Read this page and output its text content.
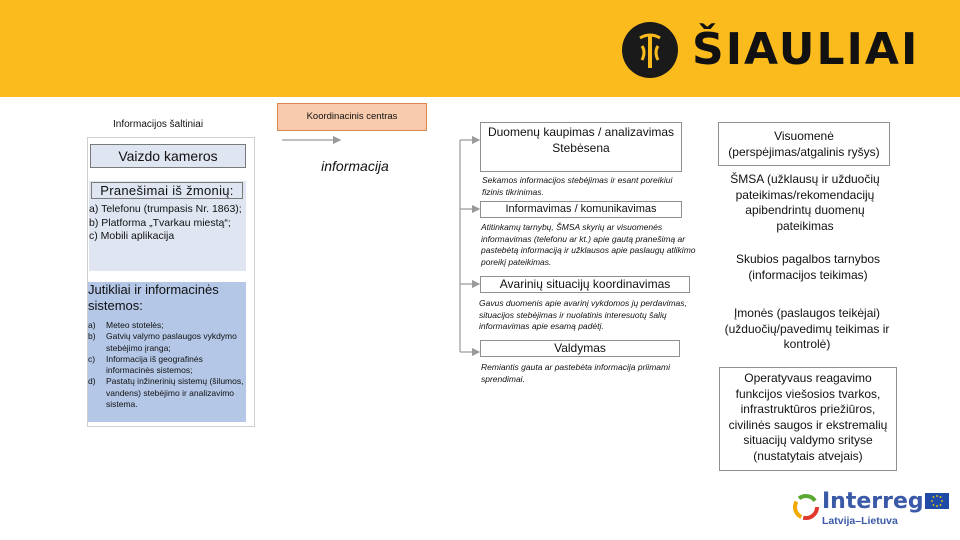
ŠIAULIAI
Informacijos šaltiniai
Vaizdo kameros
Pranešimai iš žmonių:
a) Telefonu (trumpasis Nr. 1863);
b) Platforma „Tvarkau miestą“;
c) Mobili aplikacija
Jutikliai ir informacinės sistemos:
a) Meteo stotelės;
b) Gatvių valymo paslaugos vykdymo stebėjimo įranga;
c) Informacija iš geografinės informacinės sistemos;
d) Pastatų inžinerinių sistemų (šilumos, vandens) stebėjimo ir analizavimo sistema.
Koordinacinis centras
informacija
Duomenų kaupimas / analizavimas
Stebėsena
Sekamos informacijos stebėjimas ir esant poreikiui fizinis tikrinimas.
Informavimas / komunikavimas
Atitinkamų tarnybų, ŠMSA skyrių ar visuomenės informavimas (telefonu ar kt.) apie gautą pranešimą ar pastebėtą informaciją ir užklausos apie paslaugų atlikimo poreikį pateikimas.
Avarinių situacijų koordinavimas
Gavus duomenis apie avarinį vykdomos jų perdavimas, situacijos stebėjimas ir nuolatinis interesuotų šalių informavimas apie esamą padėtį.
Valdymas
Remiantis gauta ar pastebėta informacija priimami sprendimai.
Visuomenė (perspėjimas/atgalinis ryšys)
ŠMSA (užklausų ir užduočių pateikimas/rekomendacijų apibendrintų duomenų pateikimas
Skubios pagalbos tarnybos (informacijos teikimas)
Įmonės (paslaugos teikėjai) (užduočių/pavedimų teikimas ir kontrolė)
Operatyvaus reagavimo funkcijos viešosios tvarkos, infrastruktūros priežiūros, civilinės saugos ir ekstremalių situacijų valdymo srityse (nustatytais atvejais)
Interreg
Latvija–Lietuva
